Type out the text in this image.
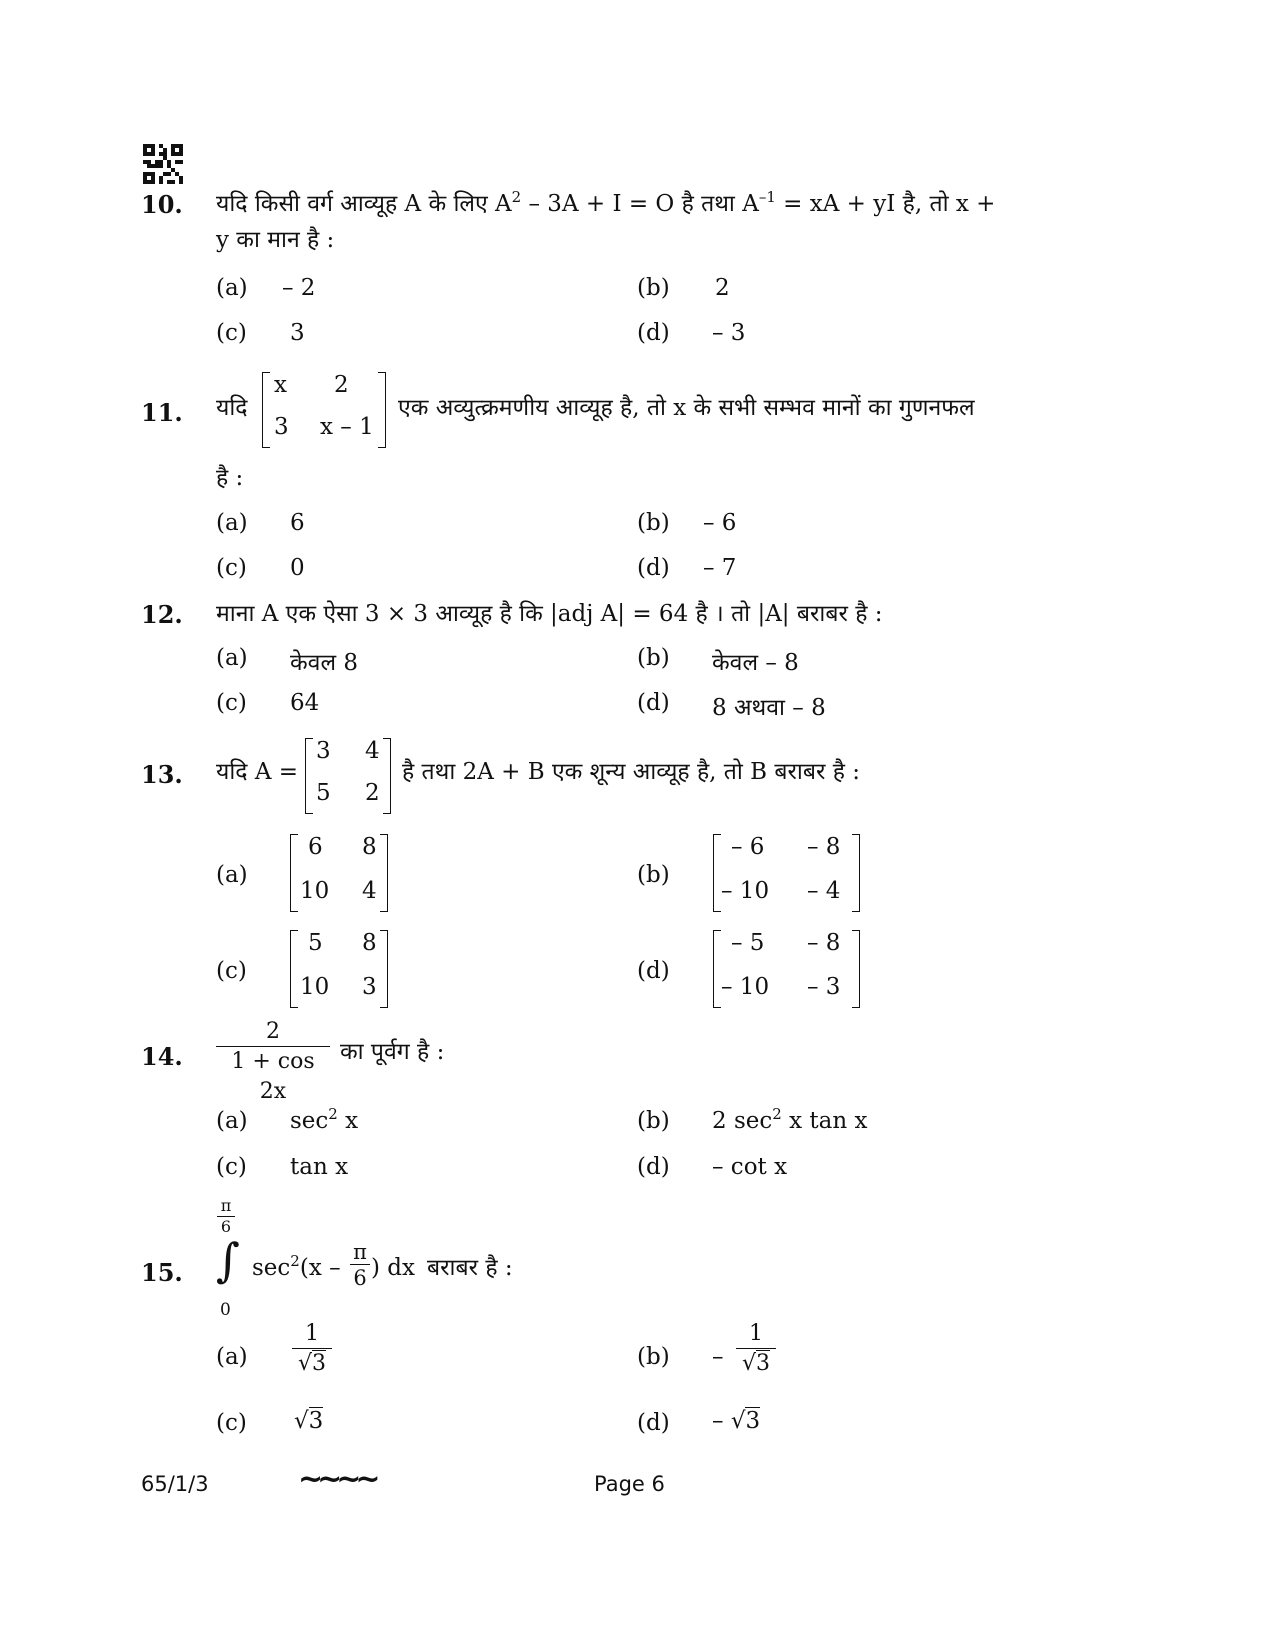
10. यदि किसी वर्ग आव्यूह A के लिए $A^2 - 3A + I = O$ है तथा $A^{-1}$ = xA + yI है, तो x +
y का मान है :
(a) – 2	(b) 2
(c) 3	(d) – 3
11. यदि
x 2
3 x – 1
एक अव्युत्क्रमणीय आव्यूह है, तो x के सभी सम्भव मानों का गुणनफल
है :
(a) 6	(b) – 6
(c) 0	(d) – 7
12. माना A एक ऐसा 3 × 3 आव्यूह है कि |adj A| = 64 है । तो |A| बराबर है :
(a) केवल 8	(b) केवल – 8
(c) 64	(d) 8 अथवा – 8
13. यदि A =
3 4
5 2
है तथा 2A + B एक शून्य आव्यूह है, तो B बराबर है :
(a)
6 8
10 4
(b)
– 6 – 8
– 10 – 4
(c)
5 8
10 3
(d)
– 5 – 8
– 10 – 3
14.
2
1 + cos 2x
का पूर्वग है :
(a) $\sec^2 x$	(b) 2 $\sec^2 x$ tan x
(c) tan x	(d) – cot x
15.
π
6
∫
0
$\sec^2(x$ –
π
6 ) dx बराबर है :
(a)
1
√3	(b) –
1
√3
(c) √3	(d) – √3
65/1/3	~~~~	Page 6
